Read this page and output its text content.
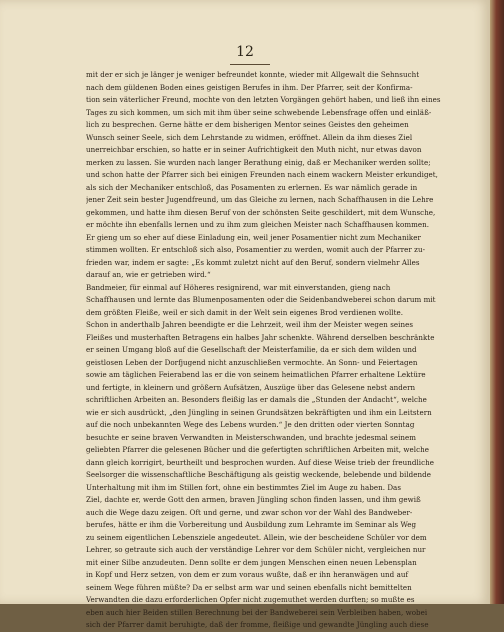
12
mit der er sich je länger je weniger befreundet konnte, wieder mit Allgewalt die Sehnsucht
nach dem güldenen Boden eines geistigen Berufes in ihm. Der Pfarrer, seit der Konfirma-
tion sein väterlicher Freund, mochte von den letzten Vorgängen gehört haben, und ließ ihn eines
Tages zu sich kommen, um sich mit ihm über seine schwebende Lebensfrage offen und einläß-
lich zu besprechen. Gerne hätte er dem bisherigen Mentor seines Geistes den geheimen
Wunsch seiner Seele, sich dem Lehrstande zu widmen, eröffnet. Allein da ihm dieses Ziel
unerreichbar erschien, so hatte er in seiner Aufrichtigkeit den Muth nicht, nur etwas davon
merken zu lassen. Sie wurden nach langer Berathung einig, daß er Mechaniker werden sollte;
und schon hatte der Pfarrer sich bei einigen Freunden nach einem wackern Meister erkundiget,
als sich der Mechaniker entschloß, das Posamenten zu erlernen. Es war nämlich gerade in
jener Zeit sein bester Jugendfreund, um das Gleiche zu lernen, nach Schaffhausen in die Lehre
gekommen, und hatte ihm diesen Beruf von der schönsten Seite geschildert, mit dem Wunsche,
er möchte ihn ebenfalls lernen und zu ihm zum gleichen Meister nach Schaffhausen kommen.
Er gieng um so eher auf diese Einladung ein, weil jener Posamentier nicht zum Mechaniker
stimmen wollten. Er entschloß sich also, Posamentier zu werden, womit auch der Pfarrer zu-
frieden war, indem er sagte: „Es kommt zuletzt nicht auf den Beruf, sondern vielmehr Alles
darauf an, wie er getrieben wird.“
Bandmeier, für einmal auf Höheres resignirend, war mit einverstanden, gieng nach
Schaffhausen und lernte das Blumenposamenten oder die Seidenbandweberei schon darum mit
dem größten Fleiße, weil er sich damit in der Welt sein eigenes Brod verdienen wollte.
Schon in anderthalb Jahren beendigte er die Lehrzeit, weil ihm der Meister wegen seines
Fleißes und musterhaften Betragens ein halbes Jahr schenkte. Während derselben beschränkte
er seinen Umgang bloß auf die Gesellschaft der Meisterfamilie, da er sich dem wilden und
geistlosen Leben der Dorfjugend nicht anzuschließen vermochte. An Sonn- und Feiertagen
sowie am täglichen Feierabend las er die von seinem heimatlichen Pfarrer erhaltene Lektüre
und fertigte, in kleinern und größern Aufsätzen, Auszüge über das Gelesene nebst andern
schriftlichen Arbeiten an. Besonders fleißig las er damals die „Stunden der Andacht“, welche
wie er sich ausdrückt, „den Jüngling in seinen Grundsätzen bekräftigten und ihm ein Leitstern
auf die noch unbekannten Wege des Lebens wurden.“ Je den dritten oder vierten Sonntag
besuchte er seine braven Verwandten in Meisterschwanden, und brachte jedesmal seinem
geliebten Pfarrer die gelesenen Bücher und die gefertigten schriftlichen Arbeiten mit, welche
dann gleich korrigirt, beurtheilt und besprochen wurden. Auf diese Weise trieb der freundliche
Seelsorger die wissenschaftliche Beschäftigung als geistig weckende, belebende und bildende
Unterhaltung mit ihm im Stillen fort, ohne ein bestimmtes Ziel im Auge zu haben. Das
Ziel, dachte er, werde Gott den armen, braven Jüngling schon finden lassen, und ihm gewiß
auch die Wege dazu zeigen. Oft und gerne, und zwar schon vor der Wahl des Bandweber-
berufes, hätte er ihm die Vorbereitung und Ausbildung zum Lehramte im Seminar als Weg
zu seinem eigentlichen Lebensziele angedeutet. Allein, wie der bescheidene Schüler vor dem
Lehrer, so getraute sich auch der verständige Lehrer vor dem Schüler nicht, vergleichen nur
mit einer Silbe anzudeuten. Denn sollte er dem jungen Menschen einen neuen Lebensplan
in Kopf und Herz setzen, von dem er zum voraus wußte, daß er ihn heranwägen und auf
seinem Wege führen müßte? Da er selbst arm war und seinen ebenfalls nicht bemittelten
Verwandten die dazu erforderlichen Opfer nicht zugemuthet werden durften; so mußte es
eben auch hier Beiden stillen Berechnung bei der Bandweberei sein Verbleiben haben, wobei
sich der Pfarrer damit beruhigte, daß der fromme, fleißige und gewandte Jüngling auch diese
